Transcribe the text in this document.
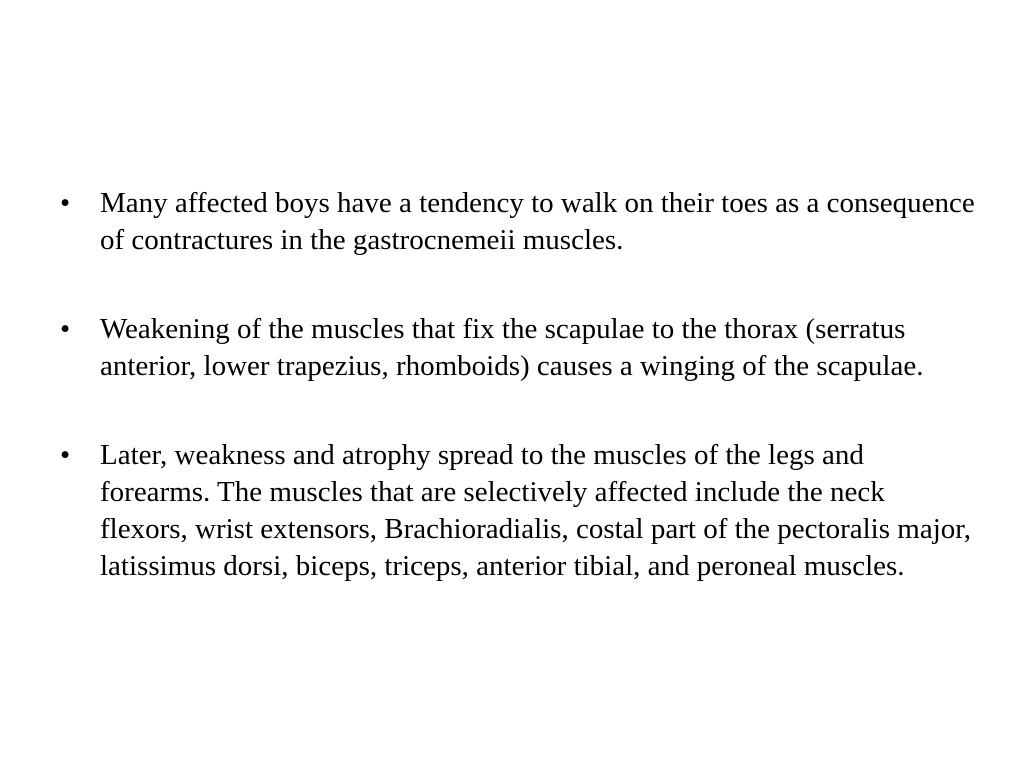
•	Many affected boys have a tendency to walk on their toes as a consequence of contractures in the gastrocnemeii muscles.
•	Weakening of the muscles that fix the scapulae to the thorax (serratus anterior, lower trapezius, rhomboids) causes a winging of the scapulae.
•	Later, weakness and atrophy spread to the muscles of the legs and forearms. The muscles that are selectively affected include the neck flexors, wrist extensors, Brachioradialis, costal part of the pectoralis major, latissimus dorsi, biceps, triceps, anterior tibial, and peroneal muscles.
